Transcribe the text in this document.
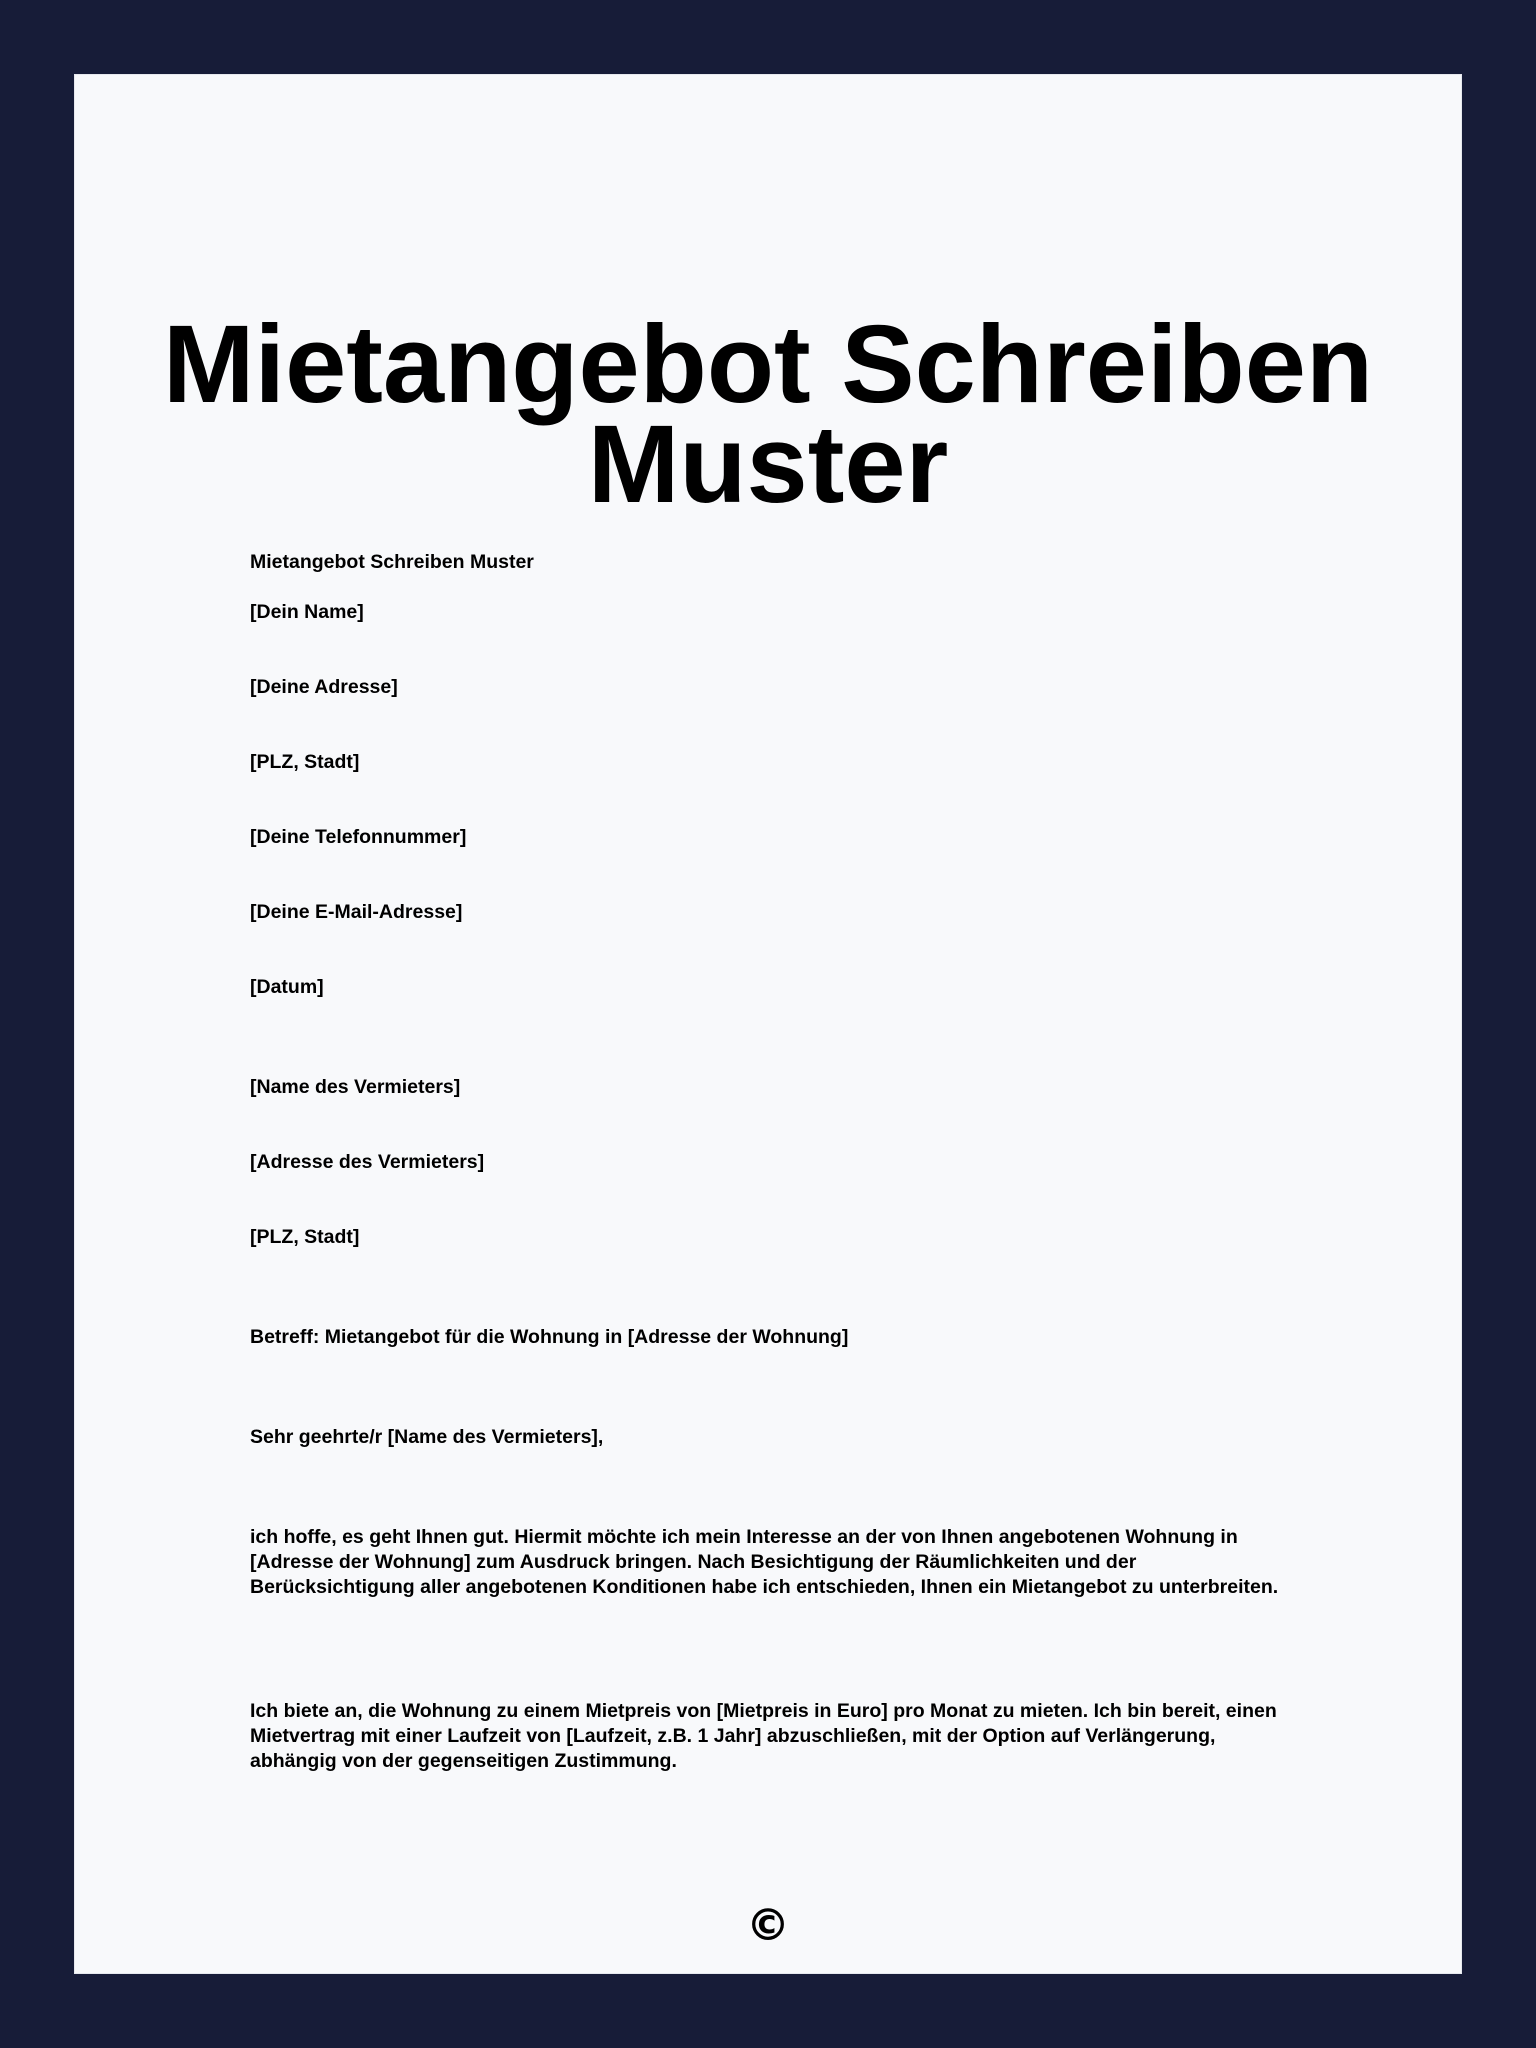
Mietangebot Schreiben Muster
Mietangebot Schreiben Muster
[Dein Name]
[Deine Adresse]
[PLZ, Stadt]
[Deine Telefonnummer]
[Deine E-Mail-Adresse]
[Datum]
[Name des Vermieters]
[Adresse des Vermieters]
[PLZ, Stadt]
Betreff: Mietangebot für die Wohnung in [Adresse der Wohnung]
Sehr geehrte/r [Name des Vermieters],
ich hoffe, es geht Ihnen gut. Hiermit möchte ich mein Interesse an der von Ihnen angebotenen Wohnung in [Adresse der Wohnung] zum Ausdruck bringen. Nach Besichtigung der Räumlichkeiten und der Berücksichtigung aller angebotenen Konditionen habe ich entschieden, Ihnen ein Mietangebot zu unterbreiten.
Ich biete an, die Wohnung zu einem Mietpreis von [Mietpreis in Euro] pro Monat zu mieten. Ich bin bereit, einen Mietvertrag mit einer Laufzeit von [Laufzeit, z.B. 1 Jahr] abzuschließen, mit der Option auf Verlängerung, abhängig von der gegenseitigen Zustimmung.
©
